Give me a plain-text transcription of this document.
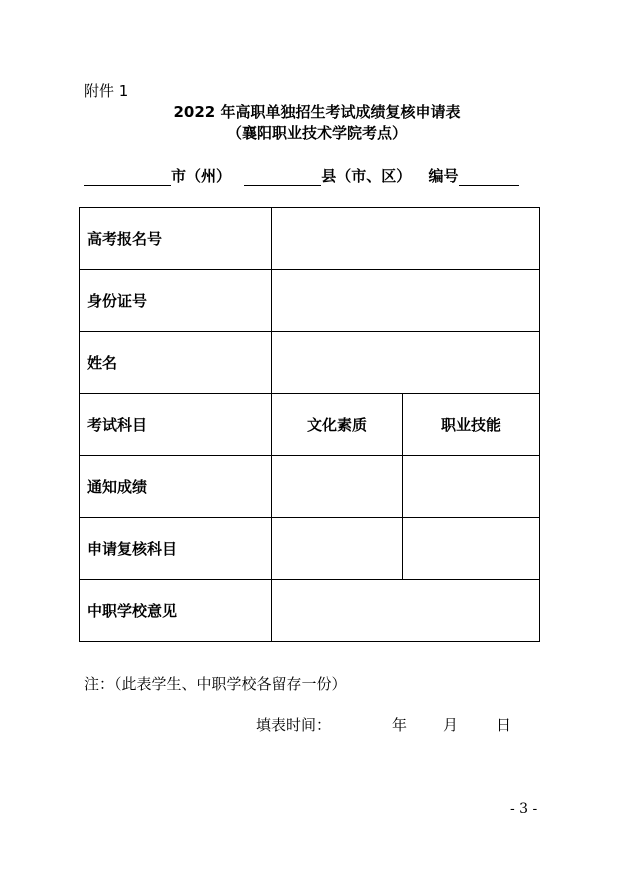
附件 1
2022 年高职单独招生考试成绩复核申请表
（襄阳职业技术学院考点）
市（州）	县（市、区） 编号
高考报名号		
身份证号		
姓名		
考试科目	文化素质	职业技能
通知成绩		
申请复核科目		
中职学校意见		
注：（此表学生、中职学校各留存一份）
填表时间：	年 月	日
- 3 -
